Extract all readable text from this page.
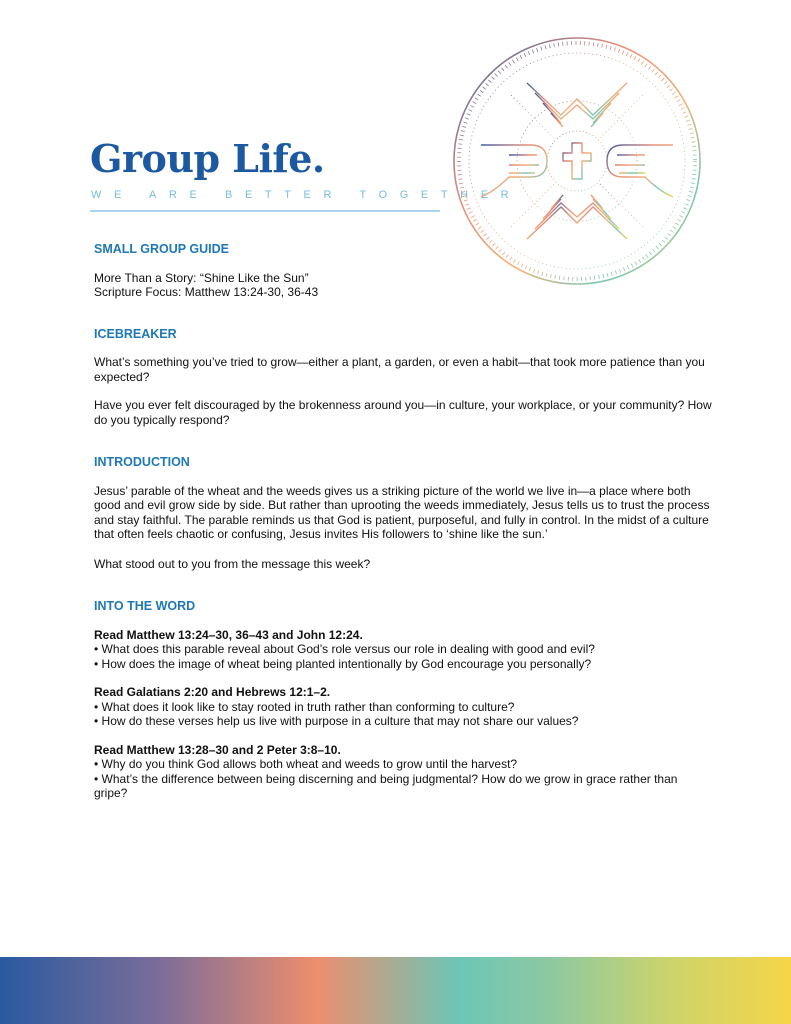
Group Life.
WE ARE BETTER TOGETHER

SMALL GROUP GUIDE

More Than a Story: “Shine Like the Sun”

Scripture Focus: Matthew 13:24-30, 36-43

ICEBREAKER

What’s something you’ve tried to grow—either a plant, a garden, or even a habit—that took more patience than you expected?

Have you ever felt discouraged by the brokenness around you—in culture, your workplace, or your community? How do you typically respond?

INTRODUCTION

Jesus’ parable of the wheat and the weeds gives us a striking picture of the world we live in—a place where both good and evil grow side by side. But rather than uprooting the weeds immediately, Jesus tells us to trust the process and stay faithful. The parable reminds us that God is patient, purposeful, and fully in control. In the midst of a culture that often feels chaotic or confusing, Jesus invites His followers to ‘shine like the sun.’

What stood out to you from the message this week?

INTO THE WORD

Read Matthew 13:24–30, 36–43 and John 12:24.

• What does this parable reveal about God’s role versus our role in dealing with good and evil?

• How does the image of wheat being planted intentionally by God encourage you personally?

Read Galatians 2:20 and Hebrews 12:1–2.

• What does it look like to stay rooted in truth rather than conforming to culture?

• How do these verses help us live with purpose in a culture that may not share our values?

Read Matthew 13:28–30 and 2 Peter 3:8–10.

• Why do you think God allows both wheat and weeds to grow until the harvest?

• What’s the difference between being discerning and being judgmental? How do we grow in grace rather than gripe?
